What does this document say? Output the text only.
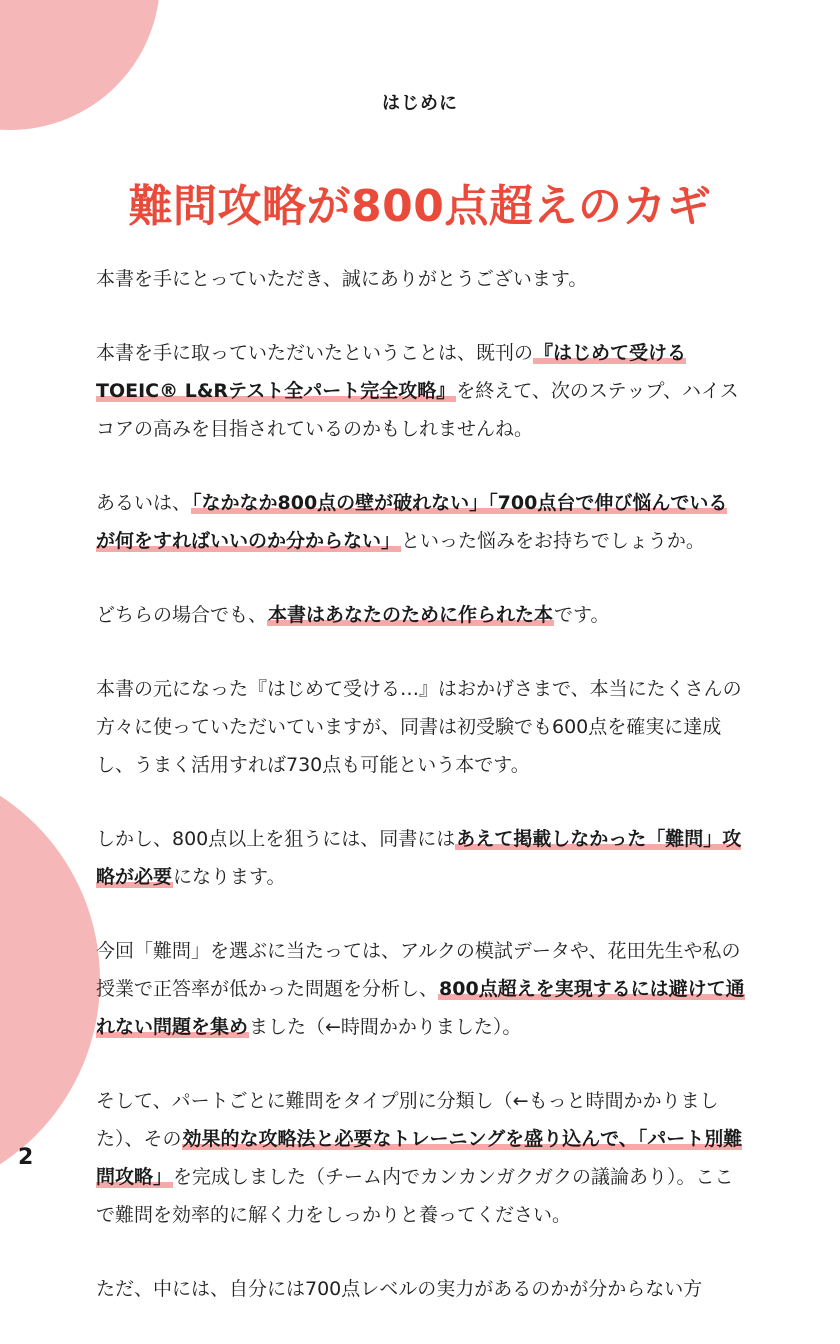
はじめに
難問攻略が800点超えのカギ

本書を手にとっていただき、誠にありがとうございます。

本書を手に取っていただいたということは、既刊の『はじめて受けるTOEIC® L&Rテスト全パート完全攻略』を終えて、次のステップ、ハイスコアの高みを目指されているのかもしれませんね。

あるいは、「なかなか800点の壁が破れない」「700点台で伸び悩んでいるが何をすればいいのか分からない」といった悩みをお持ちでしょうか。

どちらの場合でも、本書はあなたのために作られた本です。

本書の元になった『はじめて受ける…』はおかげさまで、本当にたくさんの方々に使っていただいていますが、同書は初受験でも600点を確実に達成し、うまく活用すれば730点も可能という本です。

しかし、800点以上を狙うには、同書にはあえて掲載しなかった「難問」攻略が必要になります。

今回「難問」を選ぶに当たっては、アルクの模試データや、花田先生や私の授業で正答率が低かった問題を分析し、800点超えを実現するには避けて通れない問題を集めました（←時間かかりました）。

そして、パートごとに難問をタイプ別に分類し（←もっと時間かかりました）、その効果的な攻略法と必要なトレーニングを盛り込んで、「パート別難問攻略」を完成しました（チーム内でカンカンガクガクの議論あり）。ここで難問を効率的に解く力をしっかりと養ってください。

ただ、中には、自分には700点レベルの実力があるのかが分からない方

2
